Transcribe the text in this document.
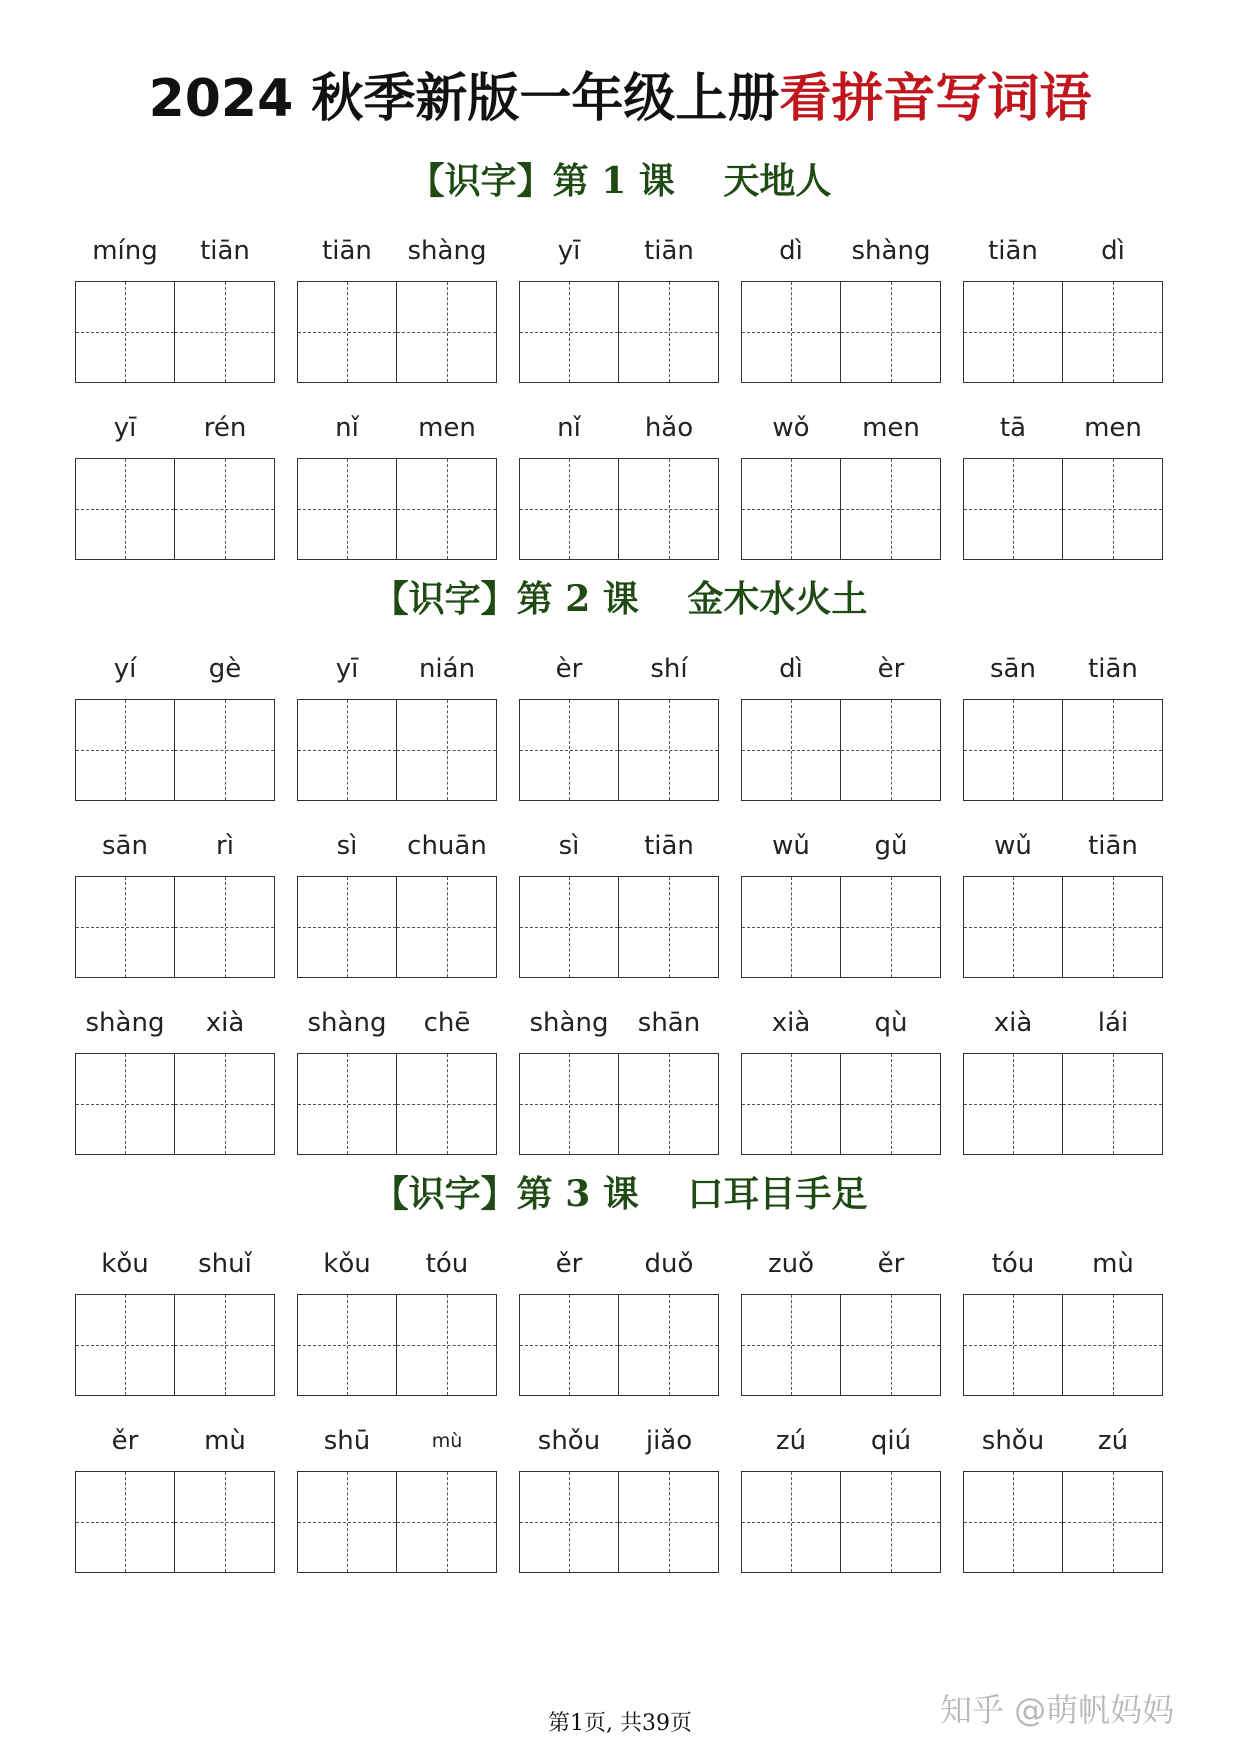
2024 秋季新版一年级上册看拼音写词语
【识字】第 1 课　 天地人
【识字】第 2 课　 金木水火土
【识字】第 3 课　 口耳目手足
míng	tiān	tiān	shàng	yī	tiān	dì	shàng	tiān	dì
yī	rén	nǐ	men	nǐ	hǎo	wǒ	men	tā	men
yí	gè	yī	nián	èr	shí	dì	èr	sān	tiān
sān	rì	sì	chuān	sì	tiān	wǔ	gǔ	wǔ	tiān
shàng	xià	shàng	chē	shàng	shān	xià	qù	xià	lái
kǒu	shuǐ	kǒu	tóu	ěr	duǒ	zuǒ	ěr	tóu	mù
ěr	mù	shū	mù	shǒu	jiǎo	zú	qiú	shǒu	zú
第1页, 共39页	知乎 @萌帆妈妈
